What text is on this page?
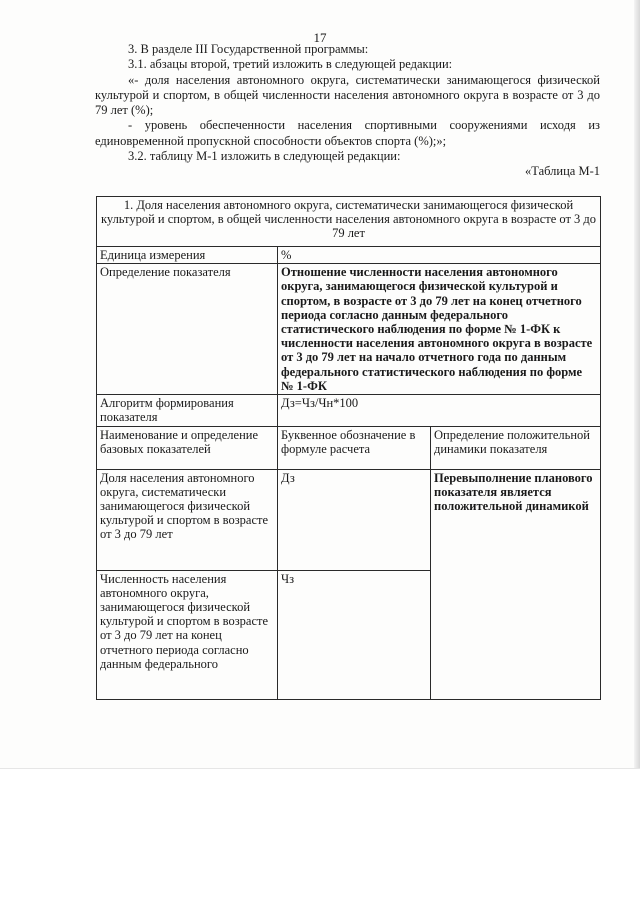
17

3. В разделе III Государственной программы:

3.1. абзацы второй, третий изложить в следующей редакции:

«- доля населения автономного округа, систематически занимающегося физической культурой и спортом, в общей численности населения автономного округа в возрасте от 3 до 79 лет (%);

- уровень обеспеченности населения спортивными сооружениями исходя из единовременной пропускной способности объектов спорта (%);»;

3.2. таблицу М-1 изложить в следующей редакции:

«Таблица М-1

1. Доля населения автономного округа, систематически занимающегося физической культурой и спортом, в общей численности населения автономного округа в возрасте от 3 до 79 лет		
Единица измерения	%	
Определение показателя	Отношение численности населения автономного округа, занимающегося физической культурой и спортом, в возрасте от 3 до 79 лет на конец отчетного периода согласно данным федерального статистического наблюдения по форме № 1-ФК к численности населения автономного округа в возрасте от 3 до 79 лет на начало отчетного года по данным федерального статистического наблюдения по форме № 1-ФК	
Алгоритм формирования показателя	Дз=Чз/Чн*100	
Наименование и определение базовых показателей	Буквенное обозначение в формуле расчета	Определение положительной динамики показателя
Доля населения автономного округа, систематически занимающегося физической культурой и спортом в возрасте от 3 до 79 лет	Дз	Перевыполнение планового показателя является положительной динамикой
Численность населения автономного округа, занимающегося физической культурой и спортом в возрасте от 3 до 79 лет на конец отчетного периода согласно данным федерального	Чз	
